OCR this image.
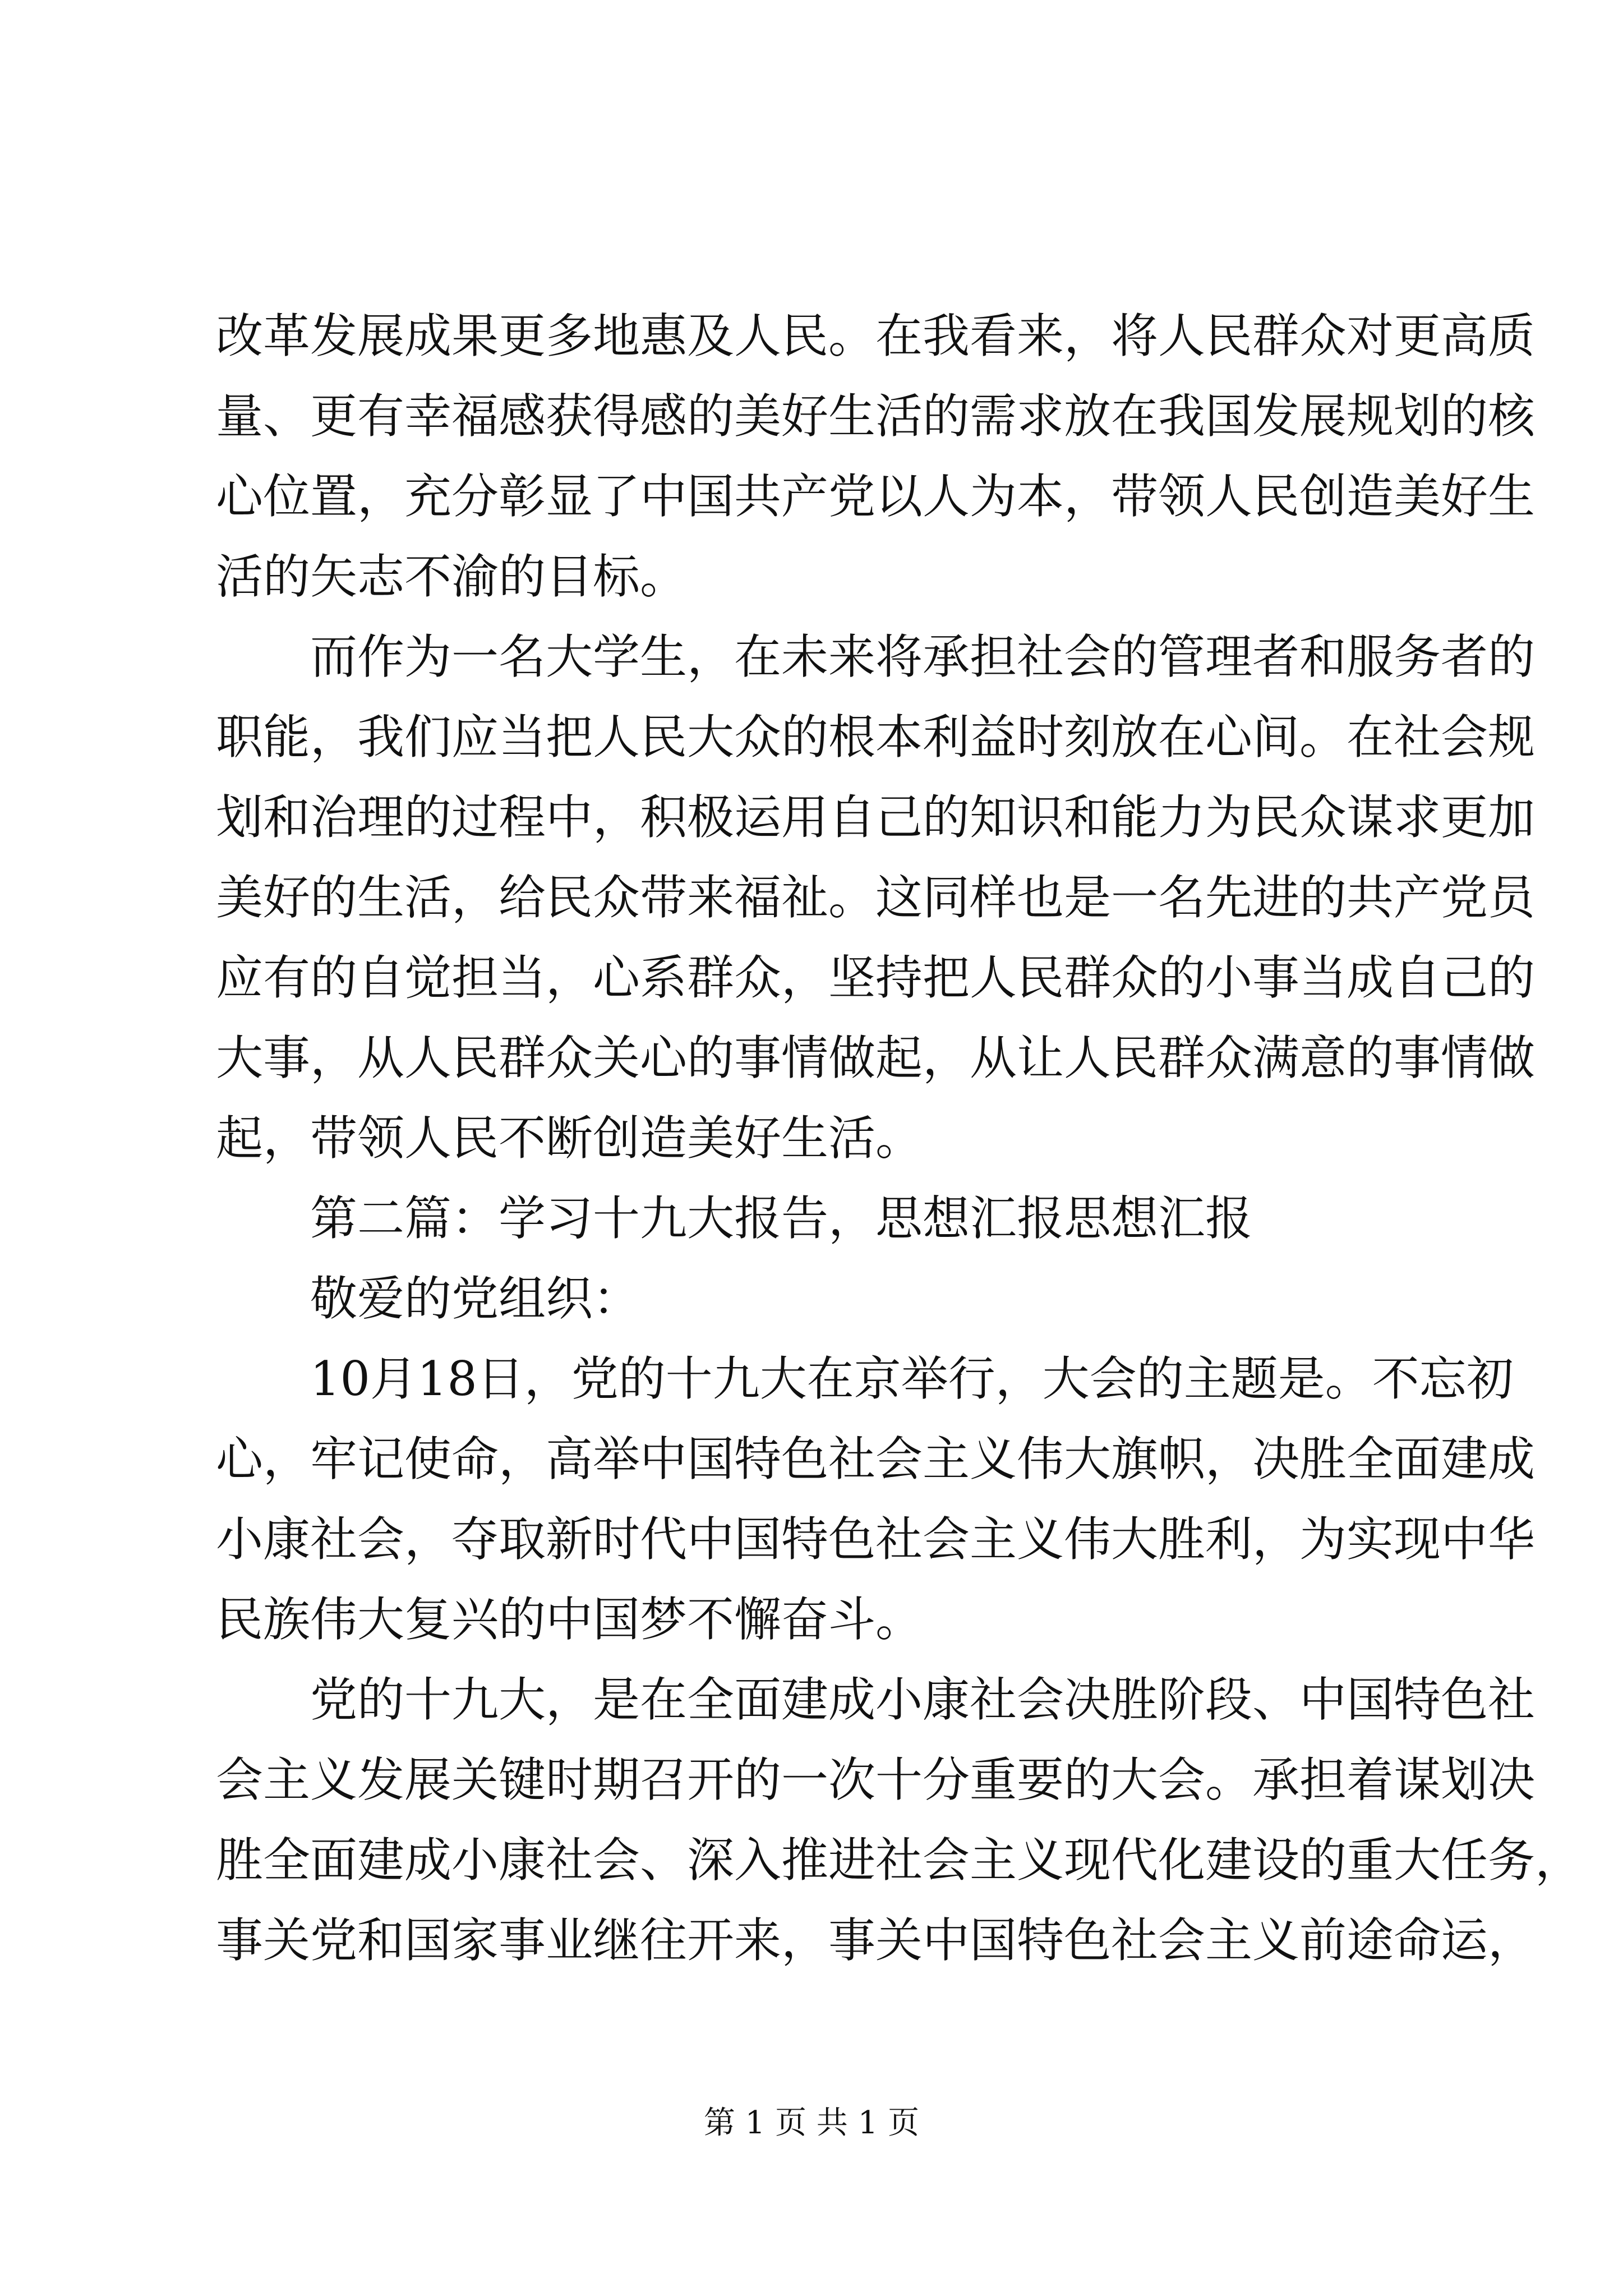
改革发展成果更多地惠及人民。在我看来，将人民群众对更高质
量、更有幸福感获得感的美好生活的需求放在我国发展规划的核
心位置，充分彰显了中国共产党以人为本，带领人民创造美好生
活的矢志不渝的目标。
而作为一名大学生，在未来将承担社会的管理者和服务者的
职能，我们应当把人民大众的根本利益时刻放在心间。在社会规
划和治理的过程中，积极运用自己的知识和能力为民众谋求更加
美好的生活，给民众带来福祉。这同样也是一名先进的共产党员
应有的自觉担当，心系群众，坚持把人民群众的小事当成自己的
大事，从人民群众关心的事情做起，从让人民群众满意的事情做
起，带领人民不断创造美好生活。
第二篇：学习十九大报告，思想汇报思想汇报
敬爱的党组织：
10月18日，党的十九大在京举行，大会的主题是。不忘初
心，牢记使命，高举中国特色社会主义伟大旗帜，决胜全面建成
小康社会，夺取新时代中国特色社会主义伟大胜利，为实现中华
民族伟大复兴的中国梦不懈奋斗。
党的十九大，是在全面建成小康社会决胜阶段、中国特色社
会主义发展关键时期召开的一次十分重要的大会。承担着谋划决
胜全面建成小康社会、深入推进社会主义现代化建设的重大任务，
事关党和国家事业继往开来，事关中国特色社会主义前途命运，
第 1 页 共 1 页
